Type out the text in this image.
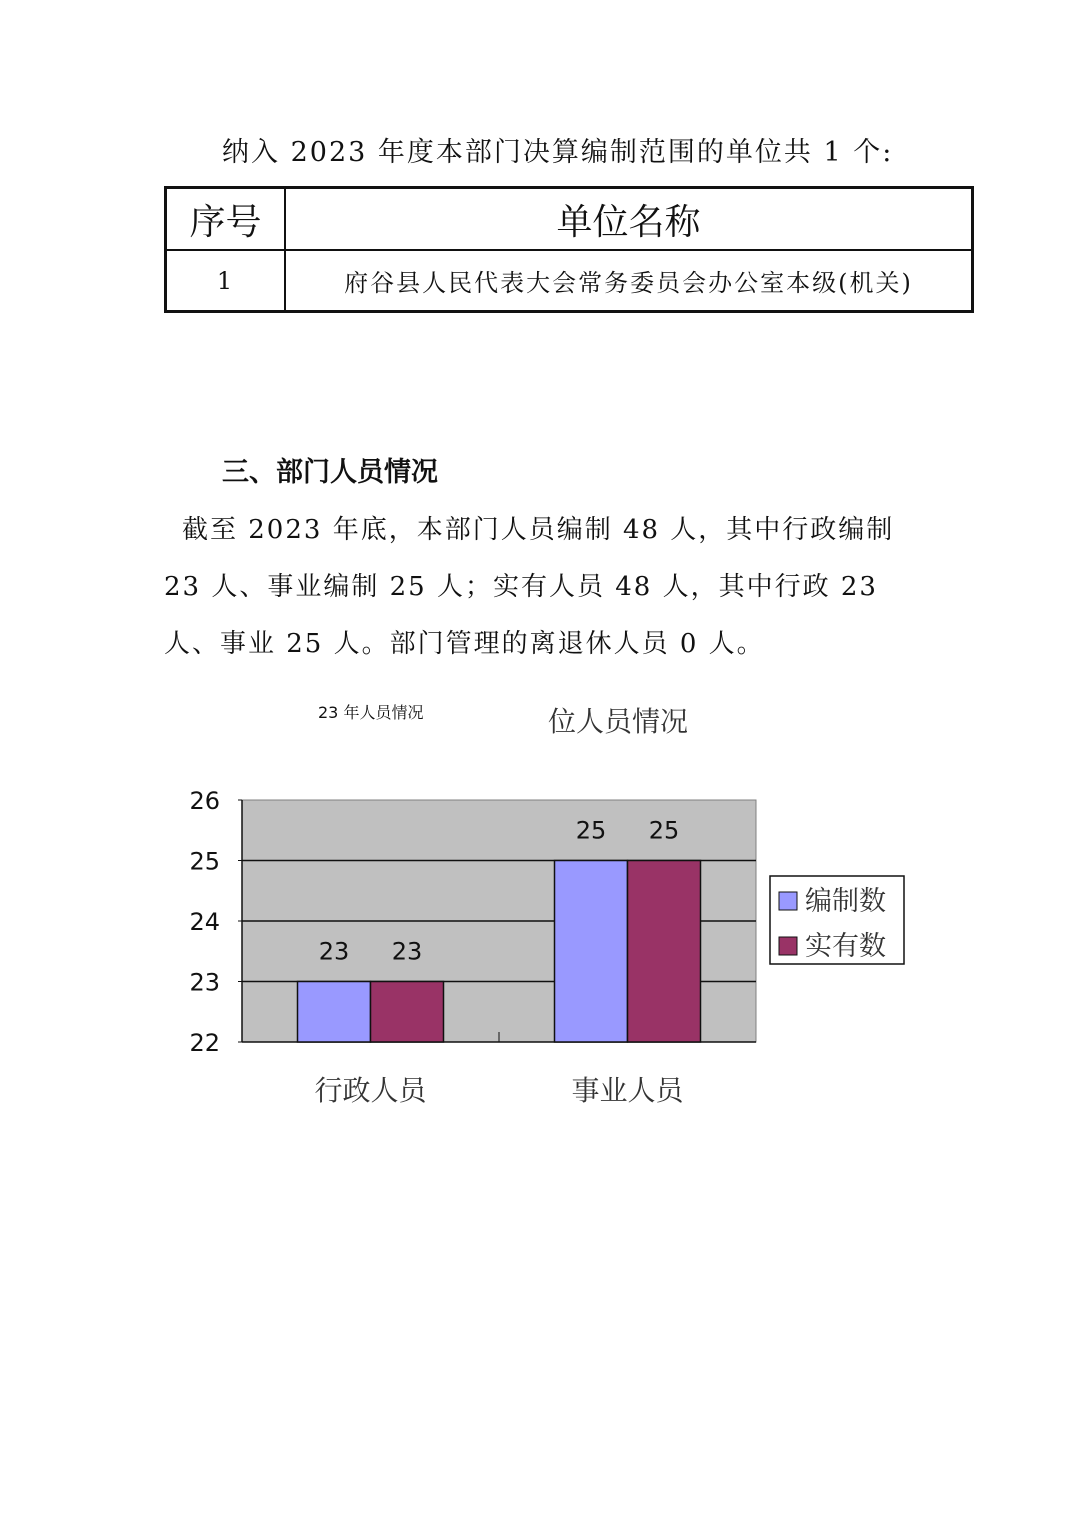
纳入 2023 年度本部门决算编制范围的单位共 1 个:
序号	单位名称
1	府谷县人民代表大会常务委员会办公室本级(机关)
三、部门人员情况
截至 2023 年底，本部门人员编制 48 人，其中行政编制 23 人、事业编制 25 人；实有人员 48 人，其中行政 23 人、事业 25 人。部门管理的离退休人员 0 人。
23 年人员情况	位人员情况
22
23
24
25
26
23 23
行政人员
25 25
事业人员
编制数
实有数
